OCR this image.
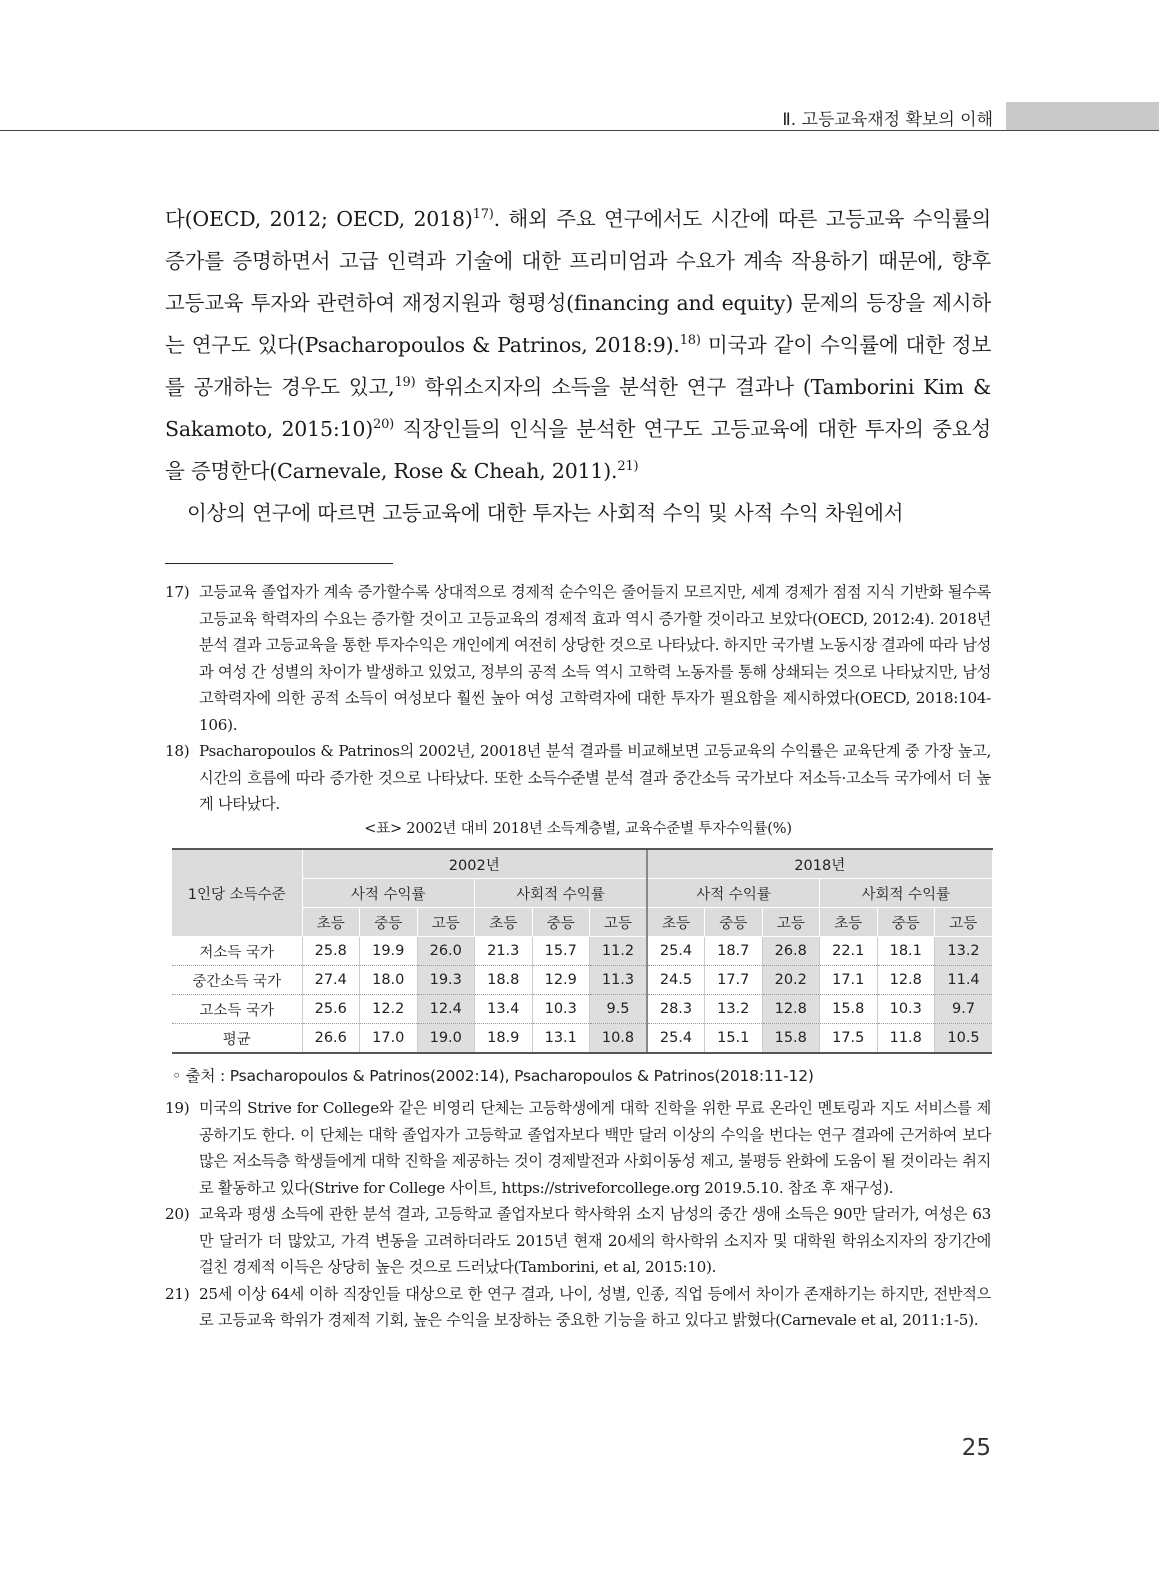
Ⅱ. 고등교육재정 확보의 이해

다(OECD, 2012; OECD, 2018)$^{17)}$. 해외 주요 연구에서도 시간에 따른 고등교육 수익률의 증가를 증명하면서 고급 인력과 기술에 대한 프리미엄과 수요가 계속 작용하기 때문에, 향후 고등교육 투자와 관련하여 재정지원과 형평성(financing and equity) 문제의 등장을 제시하는 연구도 있다(Psacharopoulos & Patrinos, 2018:9).$^{18)}$ 미국과 같이 수익률에 대한 정보를 공개하는 경우도 있고,$^{19)}$ 학위소지자의 소득을 분석한 연구 결과나 (Tamborini Kim & Sakamoto, 2015:10)$^{20)}$ 직장인들의 인식을 분석한 연구도 고등교육에 대한 투자의 중요성을 증명한다(Carnevale, Rose & Cheah, 2011).$^{21)}$

이상의 연구에 따르면 고등교육에 대한 투자는 사회적 수익 및 사적 수익 차원에서

17) 고등교육 졸업자가 계속 증가할수록 상대적으로 경제적 순수익은 줄어들지 모르지만, 세계 경제가 점점 지식 기반화 될수록 고등교육 학력자의 수요는 증가할 것이고 고등교육의 경제적 효과 역시 증가할 것이라고 보았다(OECD, 2012:4). 2018년 분석 결과 고등교육을 통한 투자수익은 개인에게 여전히 상당한 것으로 나타났다. 하지만 국가별 노동시장 결과에 따라 남성과 여성 간 성별의 차이가 발생하고 있었고, 정부의 공적 소득 역시 고학력 노동자를 통해 상쇄되는 것으로 나타났지만, 남성 고학력자에 의한 공적 소득이 여성보다 훨씬 높아 여성 고학력자에 대한 투자가 필요함을 제시하였다(OECD, 2018:104-106).
18) Psacharopoulos & Patrinos의 2002년, 20018년 분석 결과를 비교해보면 고등교육의 수익률은 교육단계 중 가장 높고, 시간의 흐름에 따라 증가한 것으로 나타났다. 또한 소득수준별 분석 결과 중간소득 국가보다 저소득·고소득 국가에서 더 높게 나타났다.
<표> 2002년 대비 2018년 소득계층별, 교육수준별 투자수익률(%)
1인당 소득수준	2002년						2018년					
	사적 수익률			사회적 수익률			사적 수익률			사회적 수익률		
	초등	중등	고등	초등	중등	고등	초등	중등	고등	초등	중등	고등
저소득 국가	25.8	19.9	26.0	21.3	15.7	11.2	25.4	18.7	26.8	22.1	18.1	13.2
중간소득 국가	27.4	18.0	19.3	18.8	12.9	11.3	24.5	17.7	20.2	17.1	12.8	11.4
고소득 국가	25.6	12.2	12.4	13.4	10.3	9.5	28.3	13.2	12.8	15.8	10.3	9.7
평균	26.6	17.0	19.0	18.9	13.1	10.8	25.4	15.1	15.8	17.5	11.8	10.5
◦ 출처 : Psacharopoulos & Patrinos(2002:14), Psacharopoulos & Patrinos(2018:11-12)
19) 미국의 Strive for College와 같은 비영리 단체는 고등학생에게 대학 진학을 위한 무료 온라인 멘토링과 지도 서비스를 제공하기도 한다. 이 단체는 대학 졸업자가 고등학교 졸업자보다 백만 달러 이상의 수익을 번다는 연구 결과에 근거하여 보다 많은 저소득층 학생들에게 대학 진학을 제공하는 것이 경제발전과 사회이동성 제고, 불평등 완화에 도움이 될 것이라는 취지로 활동하고 있다(Strive for College 사이트, https://striveforcollege.org 2019.5.10. 참조 후 재구성).
20) 교육과 평생 소득에 관한 분석 결과, 고등학교 졸업자보다 학사학위 소지 남성의 중간 생애 소득은 90만 달러가, 여성은 63만 달러가 더 많았고, 가격 변동을 고려하더라도 2015년 현재 20세의 학사학위 소지자 및 대학원 학위소지자의 장기간에 걸친 경제적 이득은 상당히 높은 것으로 드러났다(Tamborini, et al, 2015:10).
21) 25세 이상 64세 이하 직장인들 대상으로 한 연구 결과, 나이, 성별, 인종, 직업 등에서 차이가 존재하기는 하지만, 전반적으로 고등교육 학위가 경제적 기회, 높은 수익을 보장하는 중요한 기능을 하고 있다고 밝혔다(Carnevale et al, 2011:1-5).
25
